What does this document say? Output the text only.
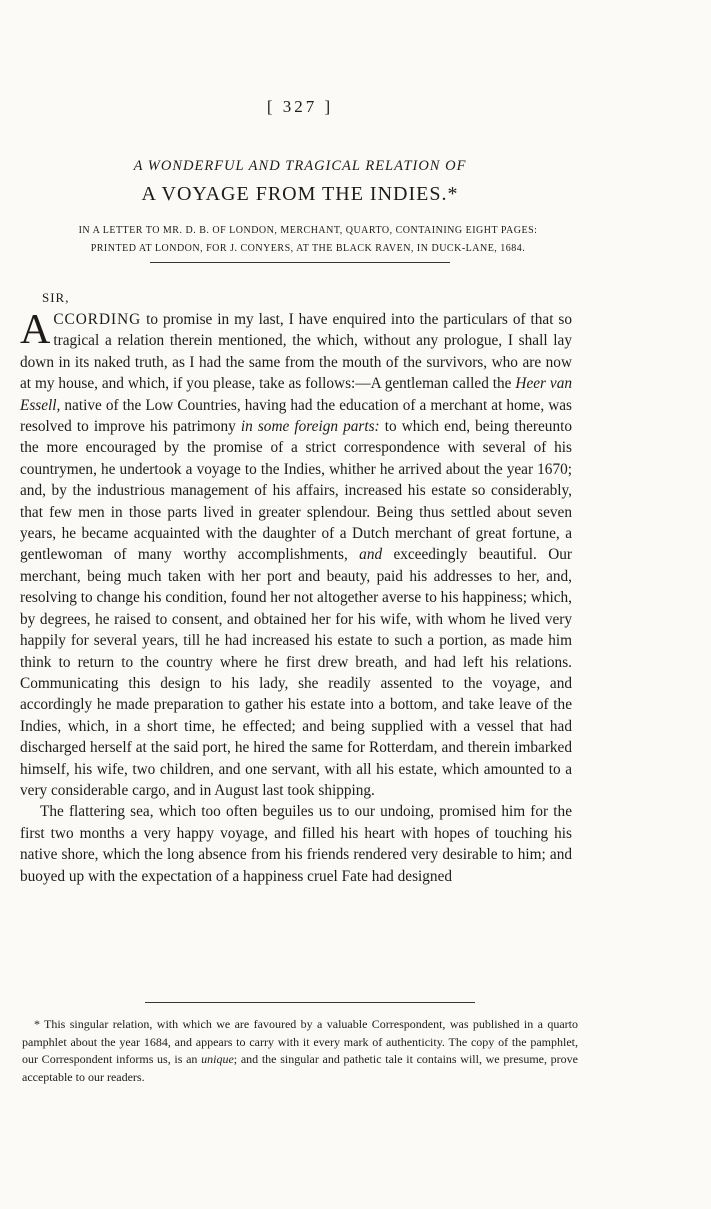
[ 327 ]
A WONDERFUL AND TRAGICAL RELATION OF
A VOYAGE FROM THE INDIES.*
IN A LETTER TO MR. D. B. OF LONDON, MERCHANT, QUARTO, CONTAINING EIGHT PAGES:
PRINTED AT LONDON, FOR J. CONYERS, AT THE BLACK RAVEN, IN DUCK-LANE, 1684.
SIR,

ACCORDING to promise in my last, I have enquired into the particulars of that so tragical a relation therein mentioned, the which, without any prologue, I shall lay down in its naked truth, as I had the same from the mouth of the survivors, who are now at my house, and which, if you please, take as follows:—A gentleman called the Heer van Essell, native of the Low Countries, having had the education of a merchant at home, was resolved to improve his patrimony in some foreign parts: to which end, being thereunto the more encouraged by the promise of a strict correspondence with several of his countrymen, he undertook a voyage to the Indies, whither he arrived about the year 1670; and, by the industrious management of his affairs, increased his estate so considerably, that few men in those parts lived in greater splendour. Being thus settled about seven years, he became acquainted with the daughter of a Dutch merchant of great fortune, a gentlewoman of many worthy accomplishments, and exceedingly beautiful. Our merchant, being much taken with her port and beauty, paid his addresses to her, and, resolving to change his condition, found her not altogether averse to his happiness; which, by degrees, he raised to consent, and obtained her for his wife, with whom he lived very happily for several years, till he had increased his estate to such a portion, as made him think to return to the country where he first drew breath, and had left his relations. Communicating this design to his lady, she readily assented to the voyage, and accordingly he made preparation to gather his estate into a bottom, and take leave of the Indies, which, in a short time, he effected; and being supplied with a vessel that had discharged herself at the said port, he hired the same for Rotterdam, and therein imbarked himself, his wife, two children, and one servant, with all his estate, which amounted to a very considerable cargo, and in August last took shipping.

The flattering sea, which too often beguiles us to our undoing, promised him for the first two months a very happy voyage, and filled his heart with hopes of touching his native shore, which the long absence from his friends rendered very desirable to him; and buoyed up with the expectation of a happiness cruel Fate had designed

* This singular relation, with which we are favoured by a valuable Correspondent, was published in a quarto pamphlet about the year 1684, and appears to carry with it every mark of authenticity. The copy of the pamphlet, our Correspondent informs us, is an unique; and the singular and pathetic tale it contains will, we presume, prove acceptable to our readers.
